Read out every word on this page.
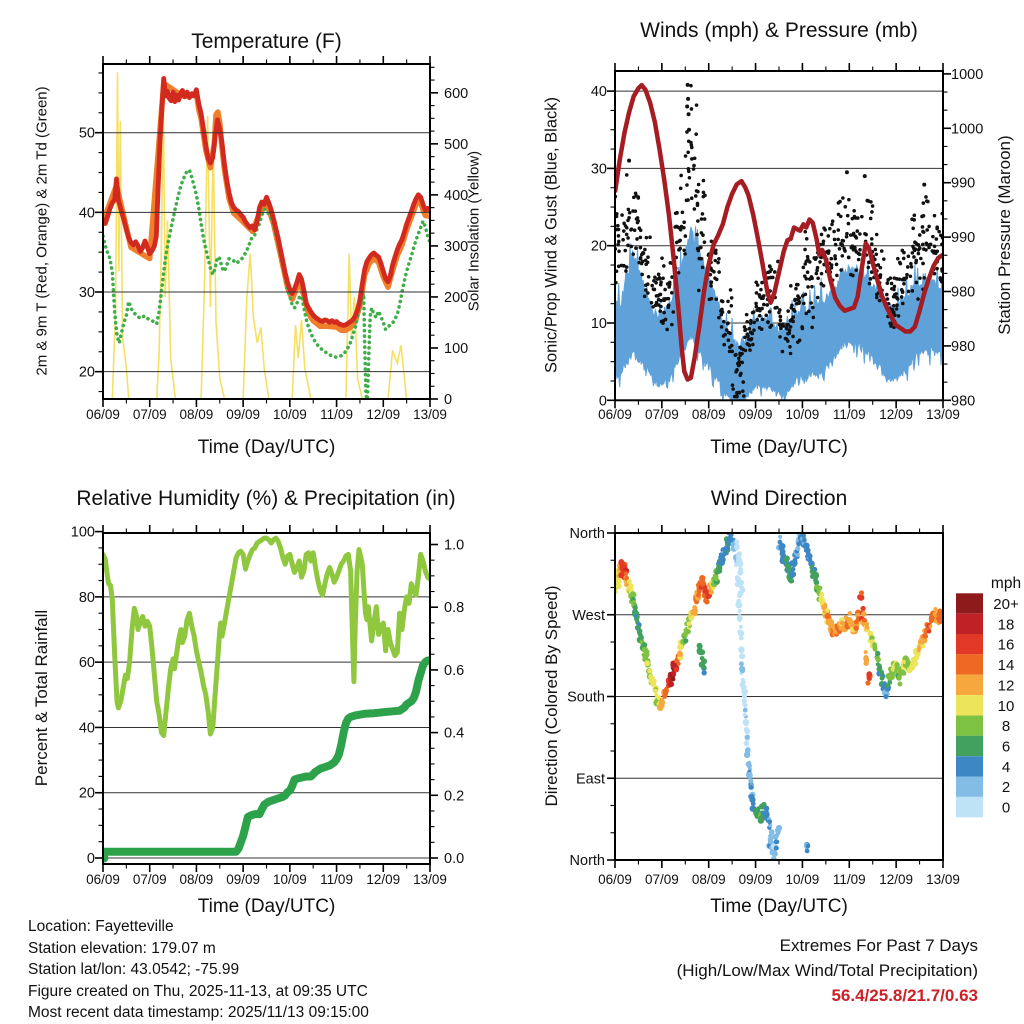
20
30
40
50
0
100
200
300
400
500
600
06/09 07/09 08/09 09/09 10/09 11/09 12/09 13/09
0
10
20
30
40
1000
1000
990
990
980
980
980
06/09 07/09 08/09 09/09 10/09 11/09 12/09 13/09
0
20
40
60
80
100
0.0
0.2
0.4
0.6
0.8
1.0
06/09 07/09 08/09 09/09 10/09 11/09 12/09 13/09
North
West
South
East
North
06/09 07/09 08/09 09/09 10/09 11/09 12/09 13/09
mph
20+
18
16
14
12
10
8
6
4
2
0
Temperature (F)	Winds (mph) & Pressure (mb)
Relative Humidity (%) & Precipitation (in)	Wind Direction
Time (Day/UTC)	Time (Day/UTC)
Time (Day/UTC)	Time (Day/UTC)
2m & 9m T (Red, Orange) & 2m Td (Green)	Solar Insolation (Yellow)	Sonic/Prop Wind & Gust (Blue, Black)	Station Pressure (Maroon)
Percent & Total Rainfall	Direction (Colored By Speed)
Location: Fayetteville
Station elevation: 179.07 m
Station lat/lon: 43.0542; -75.99
Figure created on Thu, 2025-11-13, at 09:35 UTC
Most recent data timestamp: 2025/11/13 09:15:00
Extremes For Past 7 Days
(High/Low/Max Wind/Total Precipitation)
56.4/25.8/21.7/0.63
